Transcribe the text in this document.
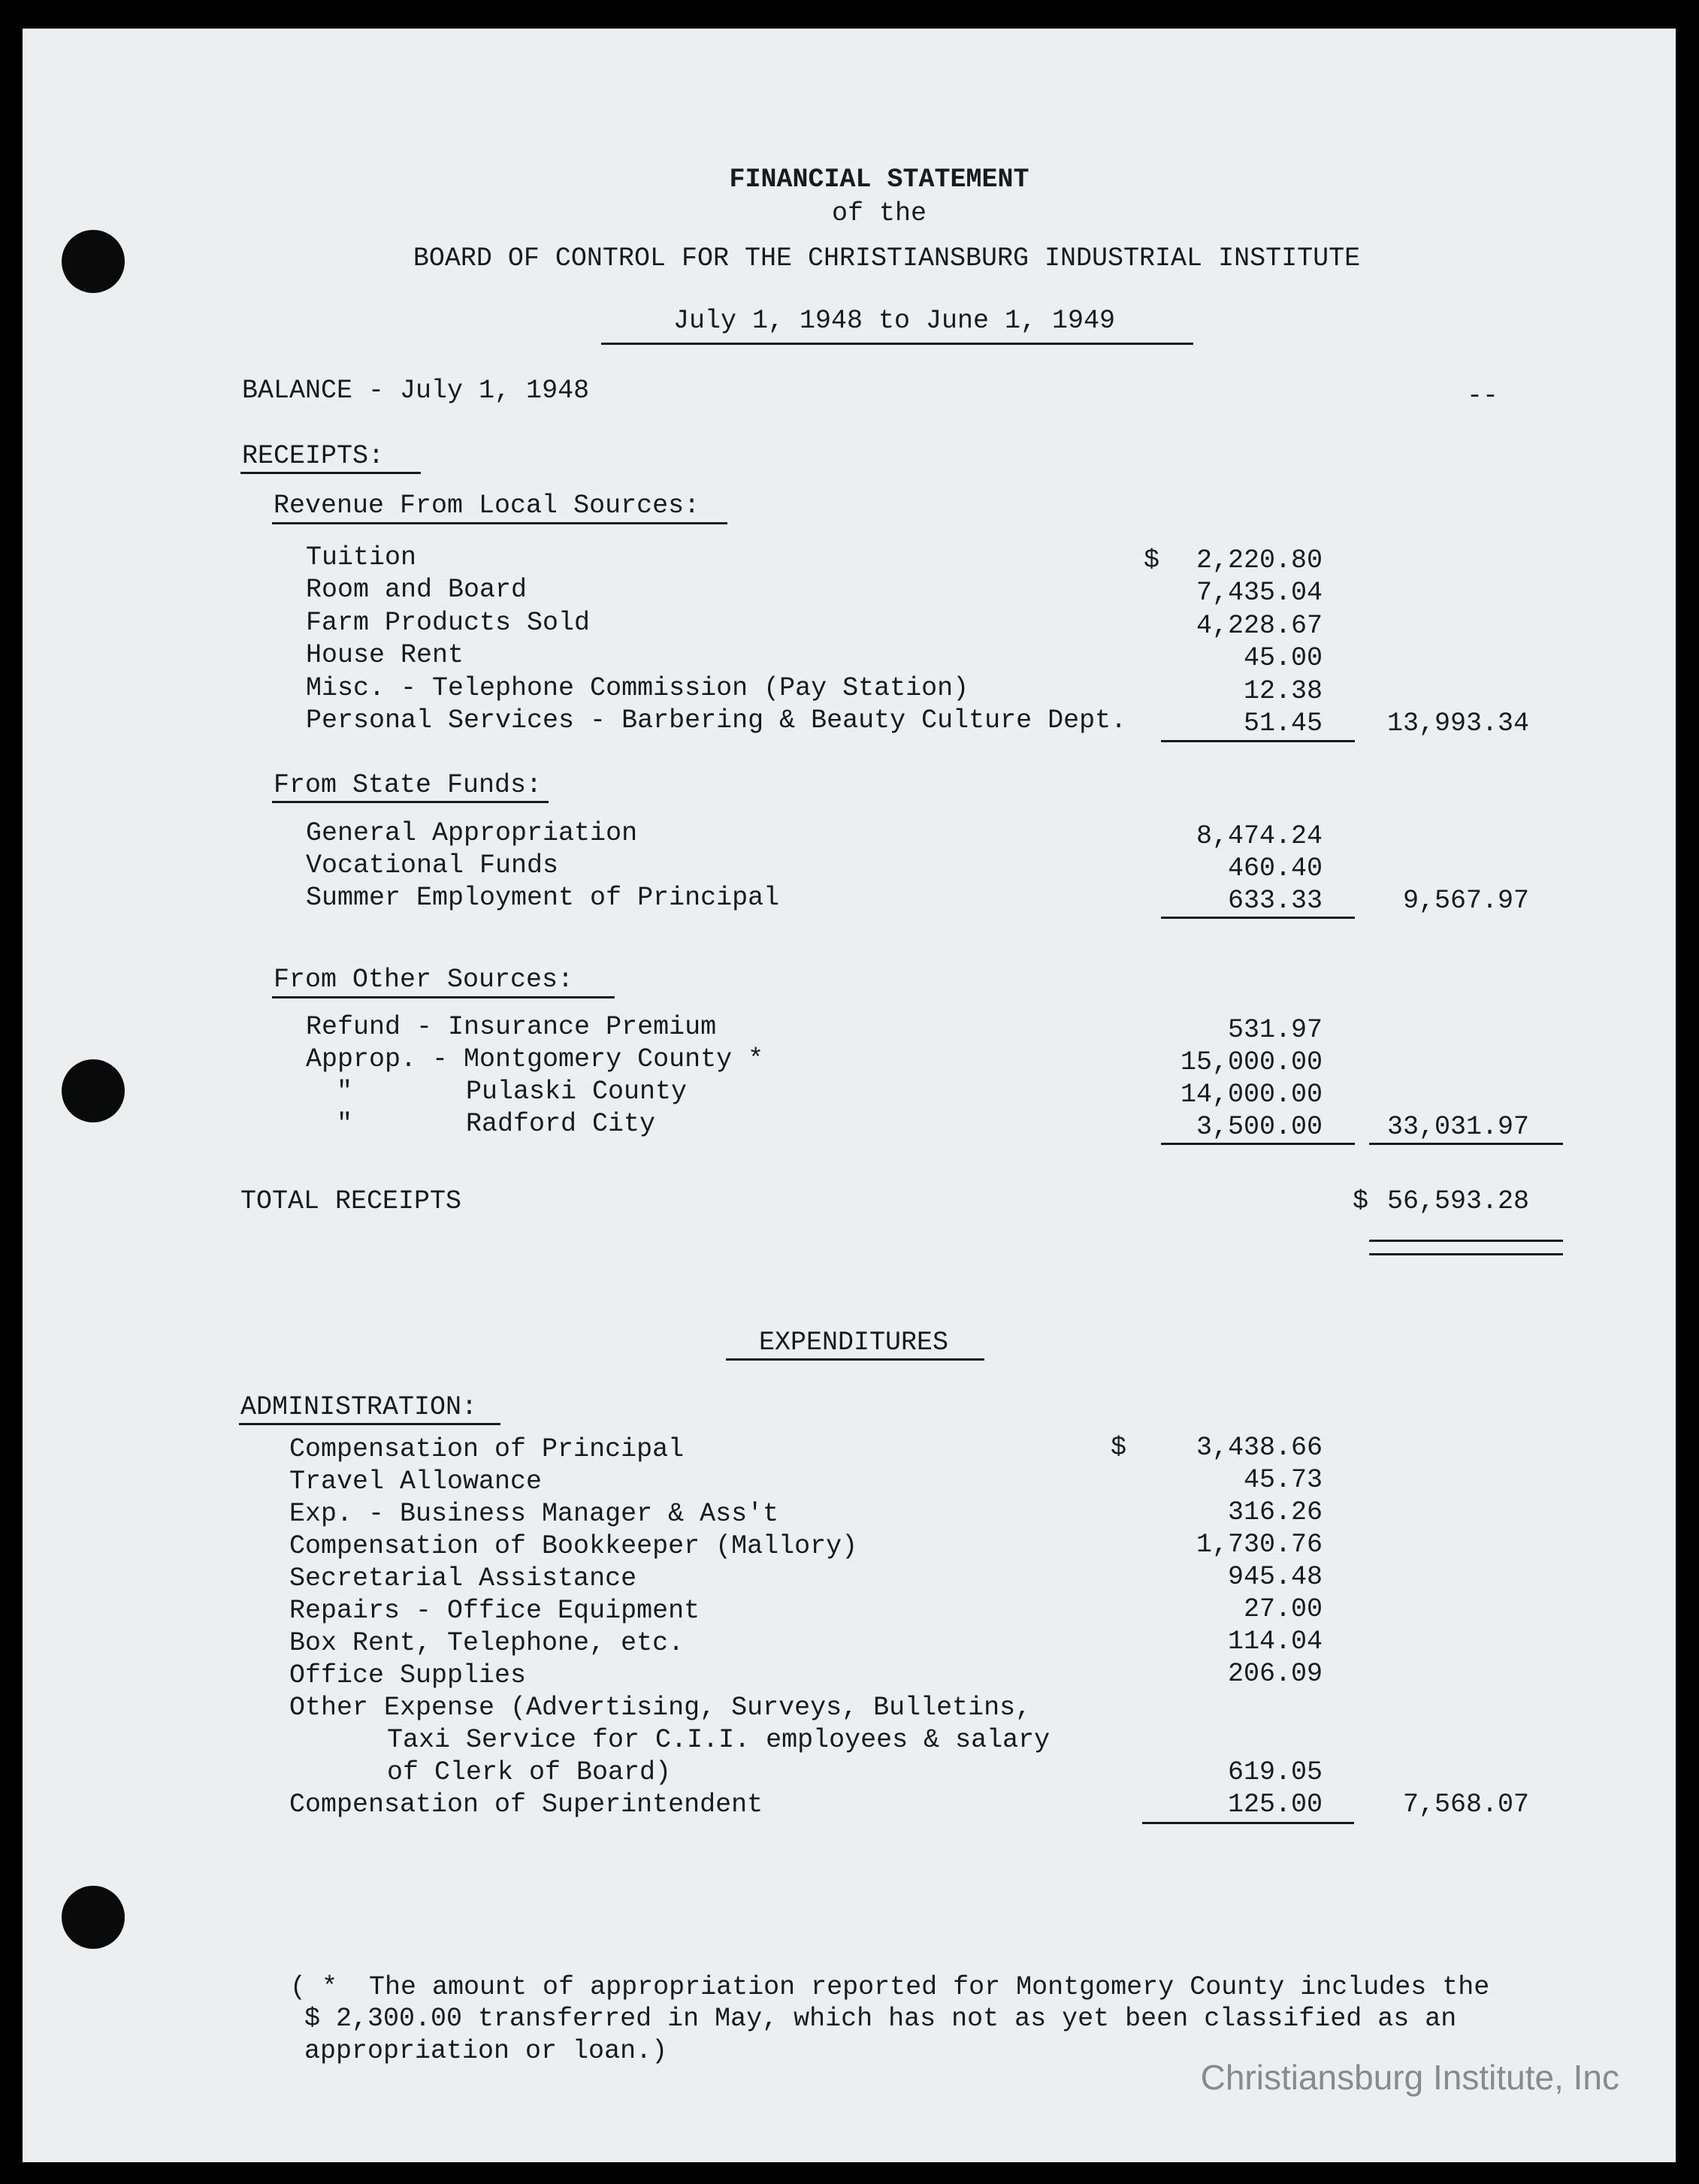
FINANCIAL STATEMENT
of the
BOARD OF CONTROL FOR THE CHRISTIANSBURG INDUSTRIAL INSTITUTE
July 1, 1948 to June 1, 1949
BALANCE - July 1, 1948	--
RECEIPTS:
Revenue From Local Sources:
$
Tuition	2,220.80
Room and Board	7,435.04
Farm Products Sold	4,228.67
House Rent	45.00
Misc. - Telephone Commission (Pay Station)	12.38
Personal Services - Barbering & Beauty Culture Dept.	51.45	13,993.34
From State Funds:
General Appropriation	8,474.24
Vocational Funds	460.40
Summer Employment of Principal	633.33	9,567.97
From Other Sources:
Refund - Insurance Premium	531.97
Approp. - Montgomery County *	15,000.00
"	Pulaski County	14,000.00
"	Radford City	3,500.00	33,031.97
TOTAL RECEIPTS	$ 56,593.28
EXPENDITURES
ADMINISTRATION:
$
Compensation of Principal	3,438.66
Travel Allowance	45.73
Exp. - Business Manager & Ass't	316.26
Compensation of Bookkeeper (Mallory)	1,730.76
Secretarial Assistance	945.48
Repairs - Office Equipment	27.00
Box Rent, Telephone, etc.	114.04
Office Supplies	206.09
Other Expense (Advertising, Surveys, Bulletins,
Taxi Service for C.I.I. employees & salary
of Clerk of Board)	619.05
Compensation of Superintendent	125.00	7,568.07
( *  The amount of appropriation reported for Montgomery County includes the
$ 2,300.00 transferred in May, which has not as yet been classified as an
appropriation or loan.)
Christiansburg Institute, Inc
